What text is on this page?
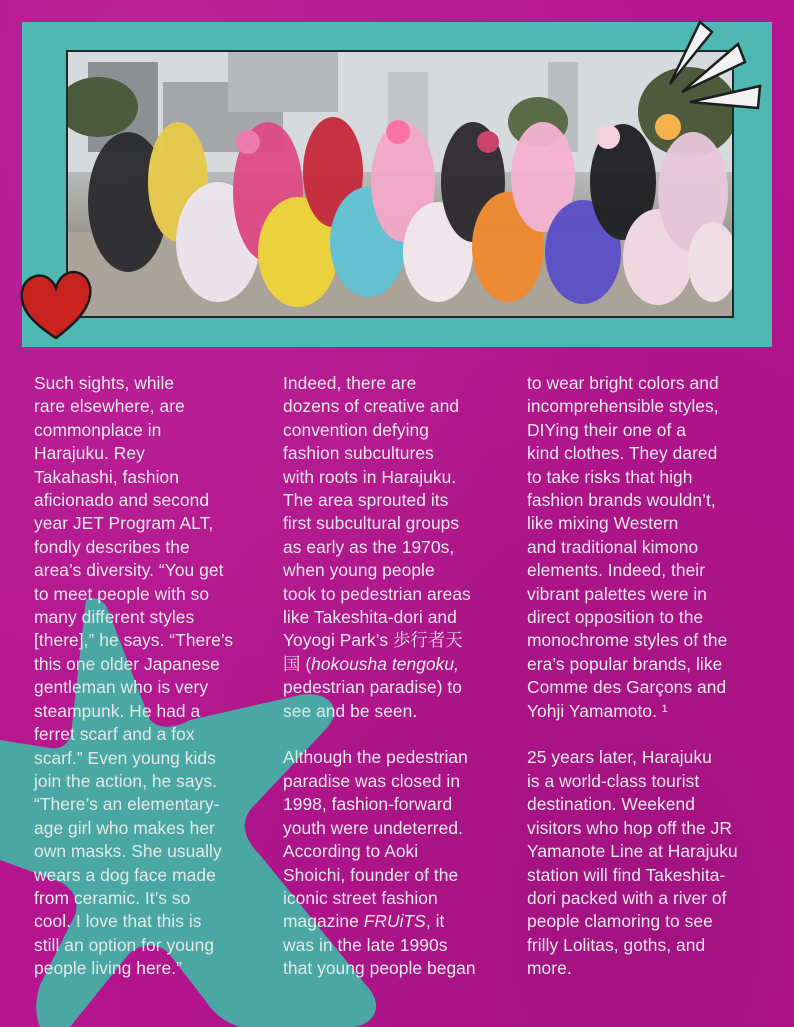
Such sights, while
rare elsewhere, are
commonplace in
Harajuku. Rey
Takahashi, fashion
aficionado and second
year JET Program ALT,
fondly describes the
area’s diversity. “You get
to meet people with so
many different styles
[there],” he says. “There’s
this one older Japanese
gentleman who is very
steampunk. He had a
ferret scarf and a fox
scarf.” Even young kids
join the action, he says.
“There’s an elementary-
age girl who makes her
own masks. She usually
wears a dog face made
from ceramic. It’s so
cool. I love that this is
still an option for young
people living here.”

Indeed, there are
dozens of creative and
convention defying
fashion subcultures
with roots in Harajuku.
The area sprouted its
first subcultural groups
as early as the 1970s,
when young people
took to pedestrian areas
like Takeshita-dori and
Yoyogi Park’s 歩行者天
国 (hokousha tengoku,
pedestrian paradise) to
see and be seen.

Although the pedestrian
paradise was closed in
1998, fashion-forward
youth were undeterred.
According to Aoki
Shoichi, founder of the
iconic street fashion
magazine FRUiTS, it
was in the late 1990s
that young people began

to wear bright colors and
incomprehensible styles,
DIYing their one of a
kind clothes. They dared
to take risks that high
fashion brands wouldn’t,
like mixing Western
and traditional kimono
elements. Indeed, their
vibrant palettes were in
direct opposition to the
monochrome styles of the
era’s popular brands, like
Comme des Garçons and
Yohji Yamamoto. ¹

25 years later, Harajuku
is a world-class tourist
destination. Weekend
visitors who hop off the JR
Yamanote Line at Harajuku
station will find Takeshita-
dori packed with a river of
people clamoring to see
frilly Lolitas, goths, and
more.
